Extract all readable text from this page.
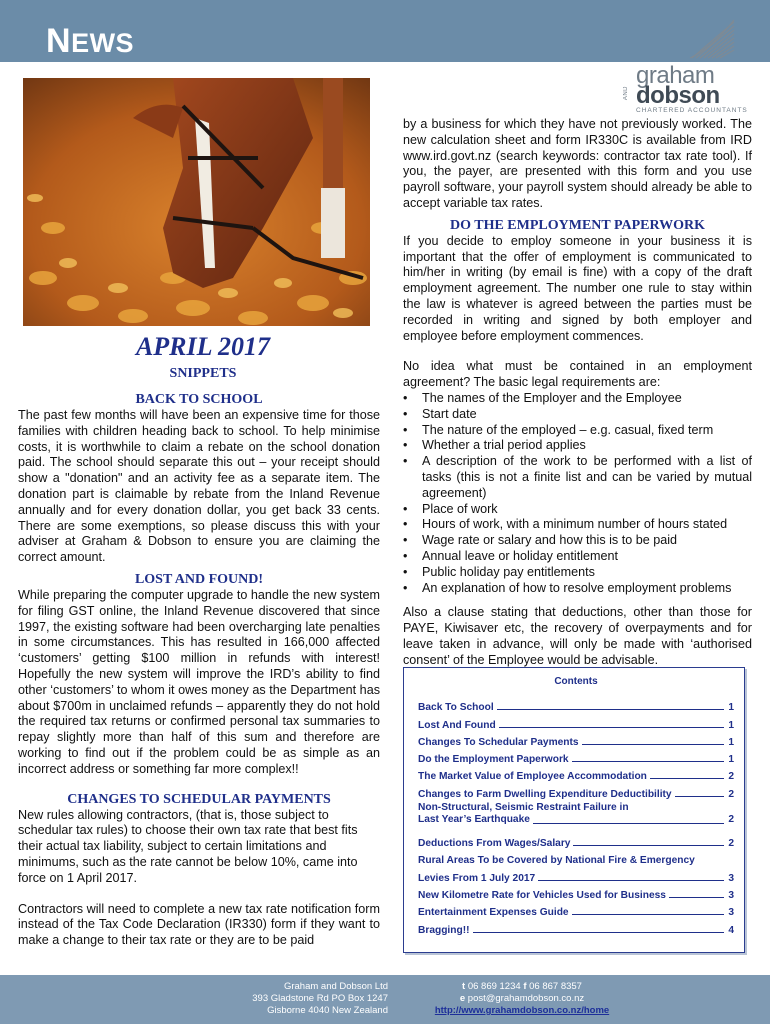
NEWS
graham
AND dobson
CHARTERED ACCOUNTANTS
APRIL 2017
SNIPPETS
BACK TO SCHOOL

The past few months will have been an expensive time for those families with children heading back to school. To help minimise costs, it is worthwhile to claim a rebate on the school donation paid. The school should separate this out – your receipt should show a "donation" and an activity fee as a separate item. The donation part is claimable by rebate from the Inland Revenue annually and for every donation dollar, you get back 33 cents. There are some exemptions, so please discuss this with your adviser at Graham & Dobson to ensure you are claiming the correct amount.

LOST AND FOUND!

While preparing the computer upgrade to handle the new system for filing GST online, the Inland Revenue discovered that since 1997, the existing software had been overcharging late penalties in some circumstances. This has resulted in 166,000 affected ‘customers’ getting $100 million in refunds with interest! Hopefully the new system will improve the IRD’s ability to find other ‘customers’ to whom it owes money as the Department has about $700m in unclaimed refunds – apparently they do not hold the required tax returns or confirmed personal tax summaries to repay slightly more than half of this sum and therefore are working to find out if the problem could be as simple as an incorrect address or something far more complex!!

CHANGES TO SCHEDULAR PAYMENTS

New rules allowing contractors, (that is, those subject to schedular tax rules) to choose their own tax rate that best fits their actual tax liability, subject to certain limitations and minimums, such as the rate cannot be below 10%, came into force on 1 April 2017.

Contractors will need to complete a new tax rate notification form instead of the Tax Code Declaration (IR330) form if they want to make a change to their tax rate or they are to be paid

by a business for which they have not previously worked. The new calculation sheet and form IR330C is available from IRD www.ird.govt.nz (search keywords: contractor tax rate tool). If you, the payer, are presented with this form and you use payroll software, your payroll system should already be able to accept variable tax rates.

DO THE EMPLOYMENT PAPERWORK

If you decide to employ someone in your business it is important that the offer of employment is communicated to him/her in writing (by email is fine) with a copy of the draft employment agreement. The number one rule to stay within the law is whatever is agreed between the parties must be recorded in writing and signed by both employer and employee before employment commences.

No idea what must be contained in an employment agreement? The basic legal requirements are:

• The names of the Employer and the Employee
• Start date
• The nature of the employed – e.g. casual, fixed term
• Whether a trial period applies
• A description of the work to be performed with a list of tasks (this is not a finite list and can be varied by mutual agreement)
• Place of work
• Hours of work, with a minimum number of hours stated
• Wage rate or salary and how this is to be paid
• Annual leave or holiday entitlement
• Public holiday pay entitlements
• An explanation of how to resolve employment problems

Also a clause stating that deductions, other than those for PAYE, Kiwisaver etc, the recovery of overpayments and for leave taken in advance, will only be made with ‘authorised consent’ of the Employee would be advisable.

Contents
Back To School	1
Lost And Found	1
Changes To Schedular Payments	1
Do the Employment Paperwork	1
The Market Value of Employee Accommodation	2
Changes to Farm Dwelling Expenditure Deductibility	2
Non-Structural, Seismic Restraint Failure in
Last Year’s Earthquake	2
Deductions From Wages/Salary	2
Rural Areas To be Covered by National Fire & Emergency
Levies From 1 July 2017	3
New Kilometre Rate for Vehicles Used for Business	3
Entertainment Expenses Guide	3
Bragging!!	4
Graham and Dobson Ltd
393 Gladstone Rd PO Box 1247
Gisborne 4040 New Zealand
t 06 869 1234 f 06 867 8357
e post@grahamdobson.co.nz
http://www.grahamdobson.co.nz/home
